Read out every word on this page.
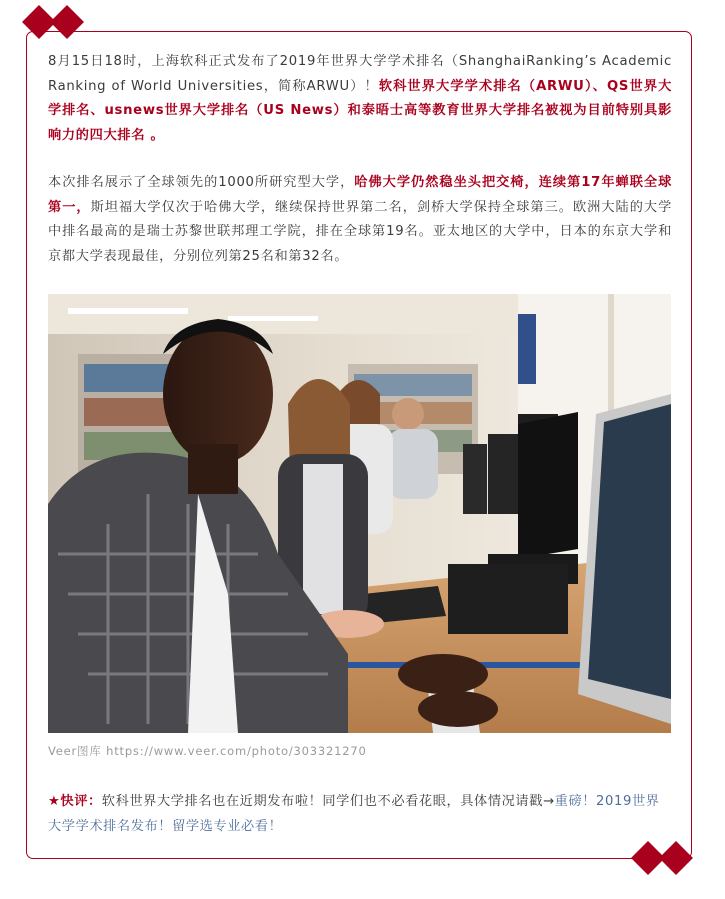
8月15日18时，上海软科正式发布了2019年世界大学学术排名（ShanghaiRanking’s Academic Ranking of World Universities，简称ARWU）！软科世界大学学术排名（ARWU）、QS世界大学排名、usnews世界大学排名（US News）和泰晤士高等教育世界大学排名被视为目前特别具影响力的四大排名 。

本次排名展示了全球领先的1000所研究型大学，哈佛大学仍然稳坐头把交椅，连续第17年蝉联全球第一，斯坦福大学仅次于哈佛大学，继续保持世界第二名，剑桥大学保持全球第三。欧洲大陆的大学中排名最高的是瑞士苏黎世联邦理工学院，排在全球第19名。亚太地区的大学中，日本的东京大学和京都大学表现最佳，分别位列第25名和第32名。

Veer图库 https://www.veer.com/photo/303321270
★快评：软科世界大学排名也在近期发布啦！同学们也不必看花眼，具体情况请戳→重磅！2019世界大学学术排名发布！留学选专业必看！
